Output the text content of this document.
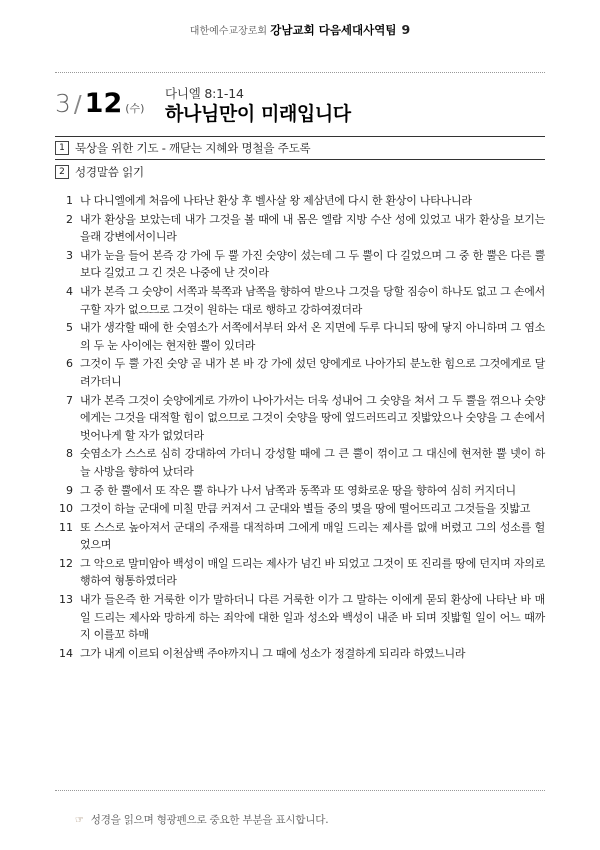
대한예수교장로회 강남교회 다음세대사역팀 9
3 / 12 (수)
다니엘 8:1-14
하나님만이 미래입니다
1 묵상을 위한 기도 - 깨닫는 지혜와 명철을 주도록
2 성경말씀 읽기
1 나 다니엘에게 처음에 나타난 환상 후 벨사살 왕 제삼년에 다시 한 환상이 나타나니라
2 내가 환상을 보았는데 내가 그것을 볼 때에 내 몸은 엘람 지방 수산 성에 있었고 내가 환상을 보기는 을래 강변에서이니라
3 내가 눈을 들어 본즉 강 가에 두 뿔 가진 숫양이 섰는데 그 두 뿔이 다 길었으며 그 중 한 뿔은 다른 뿔보다 길었고 그 긴 것은 나중에 난 것이라
4 내가 본즉 그 숫양이 서쪽과 북쪽과 남쪽을 향하여 받으나 그것을 당할 짐승이 하나도 없고 그 손에서 구할 자가 없으므로 그것이 원하는 대로 행하고 강하여졌더라
5 내가 생각할 때에 한 숫염소가 서쪽에서부터 와서 온 지면에 두루 다니되 땅에 닿지 아니하며 그 염소의 두 눈 사이에는 현저한 뿔이 있더라
6 그것이 두 뿔 가진 숫양 곧 내가 본 바 강 가에 섰던 양에게로 나아가되 분노한 힘으로 그것에게로 달려가더니
7 내가 본즉 그것이 숫양에게로 가까이 나아가서는 더욱 성내어 그 숫양을 쳐서 그 두 뿔을 꺾으나 숫양에게는 그것을 대적할 힘이 없으므로 그것이 숫양을 땅에 엎드러뜨리고 짓밟았으나 숫양을 그 손에서 벗어나게 할 자가 없었더라
8 숫염소가 스스로 심히 강대하여 가더니 강성할 때에 그 큰 뿔이 꺾이고 그 대신에 현저한 뿔 넷이 하늘 사방을 향하여 났더라
9 그 중 한 뿔에서 또 작은 뿔 하나가 나서 남쪽과 동쪽과 또 영화로운 땅을 향하여 심히 커지더니
10 그것이 하늘 군대에 미칠 만큼 커져서 그 군대와 별들 중의 몇을 땅에 떨어뜨리고 그것들을 짓밟고
11 또 스스로 높아져서 군대의 주재를 대적하며 그에게 매일 드리는 제사를 없애 버렸고 그의 성소를 헐었으며
12 그 악으로 말미암아 백성이 매일 드리는 제사가 넘긴 바 되었고 그것이 또 진리를 땅에 던지며 자의로 행하여 형통하였더라
13 내가 들은즉 한 거룩한 이가 말하더니 다른 거룩한 이가 그 말하는 이에게 묻되 환상에 나타난 바 매일 드리는 제사와 망하게 하는 죄악에 대한 일과 성소와 백성이 내준 바 되며 짓밟힐 일이 어느 때까지 이를꼬 하매
14 그가 내게 이르되 이천삼백 주야까지니 그 때에 성소가 정결하게 되리라 하였느니라
☞ 성경을 읽으며 형광펜으로 중요한 부분을 표시합니다.
